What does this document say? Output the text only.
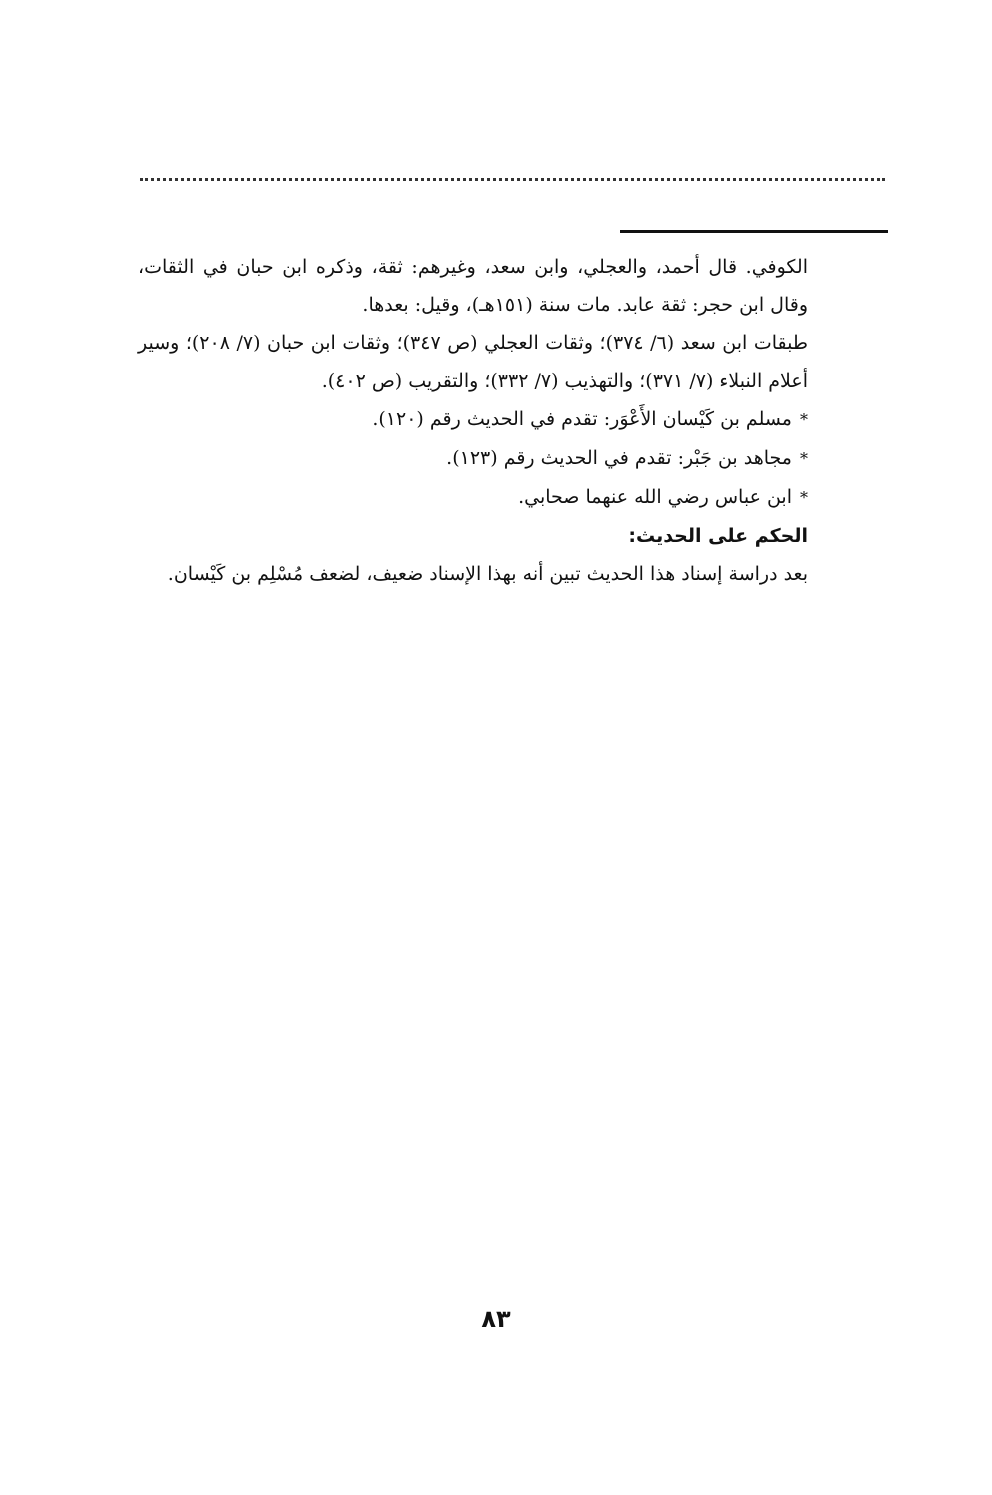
الكوفي. قال أحمد، والعجلي، وابن سعد، وغيرهم: ثقة، وذكره ابن حبان في الثقات، وقال ابن حجر: ثقة عابد. مات سنة (١٥١هـ)، وقيل: بعدها.

طبقات ابن سعد (٦/ ٣٧٤)؛ وثقات العجلي (ص ٣٤٧)؛ وثقات ابن حبان (٧/ ٢٠٨)؛ وسير أعلام النبلاء (٧/ ٣٧١)؛ والتهذيب (٧/ ٣٣٢)؛ والتقريب (ص ٤٠٢).

*مسلم بن كَيْسان الأَعْوَر: تقدم في الحديث رقم (١٢٠).

*مجاهد بن جَبْر: تقدم في الحديث رقم (١٢٣).

*ابن عباس رضي الله عنهما صحابي.

الحكم على الحديث:

بعد دراسة إسناد هذا الحديث تبين أنه بهذا الإسناد ضعيف، لضعف مُسْلِم بن كَيْسان.

٨٣
